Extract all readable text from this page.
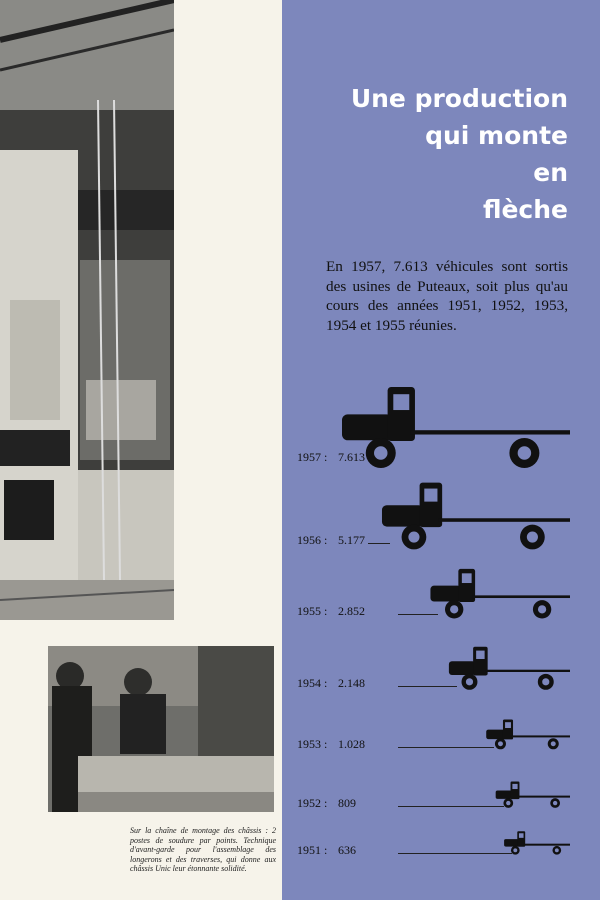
Sur la chaîne de montage des châssis : 2 postes de soudure par points. Technique d'avant-garde pour l'assemblage des longerons et des traverses, qui donne aux châssis Unic leur étonnante solidité.
Une production
qui monte
en
flèche

En 1957, 7.613 véhicules sont sortis des usines de Puteaux, soit plus qu'au cours des années 1951, 1952, 1953, 1954 et 1955 réunies.

1957 : 7.613
1956 : 5.177
1955 : 2.852
1954 : 2.148
1953 : 1.028
1952 : 809
1951 : 636
